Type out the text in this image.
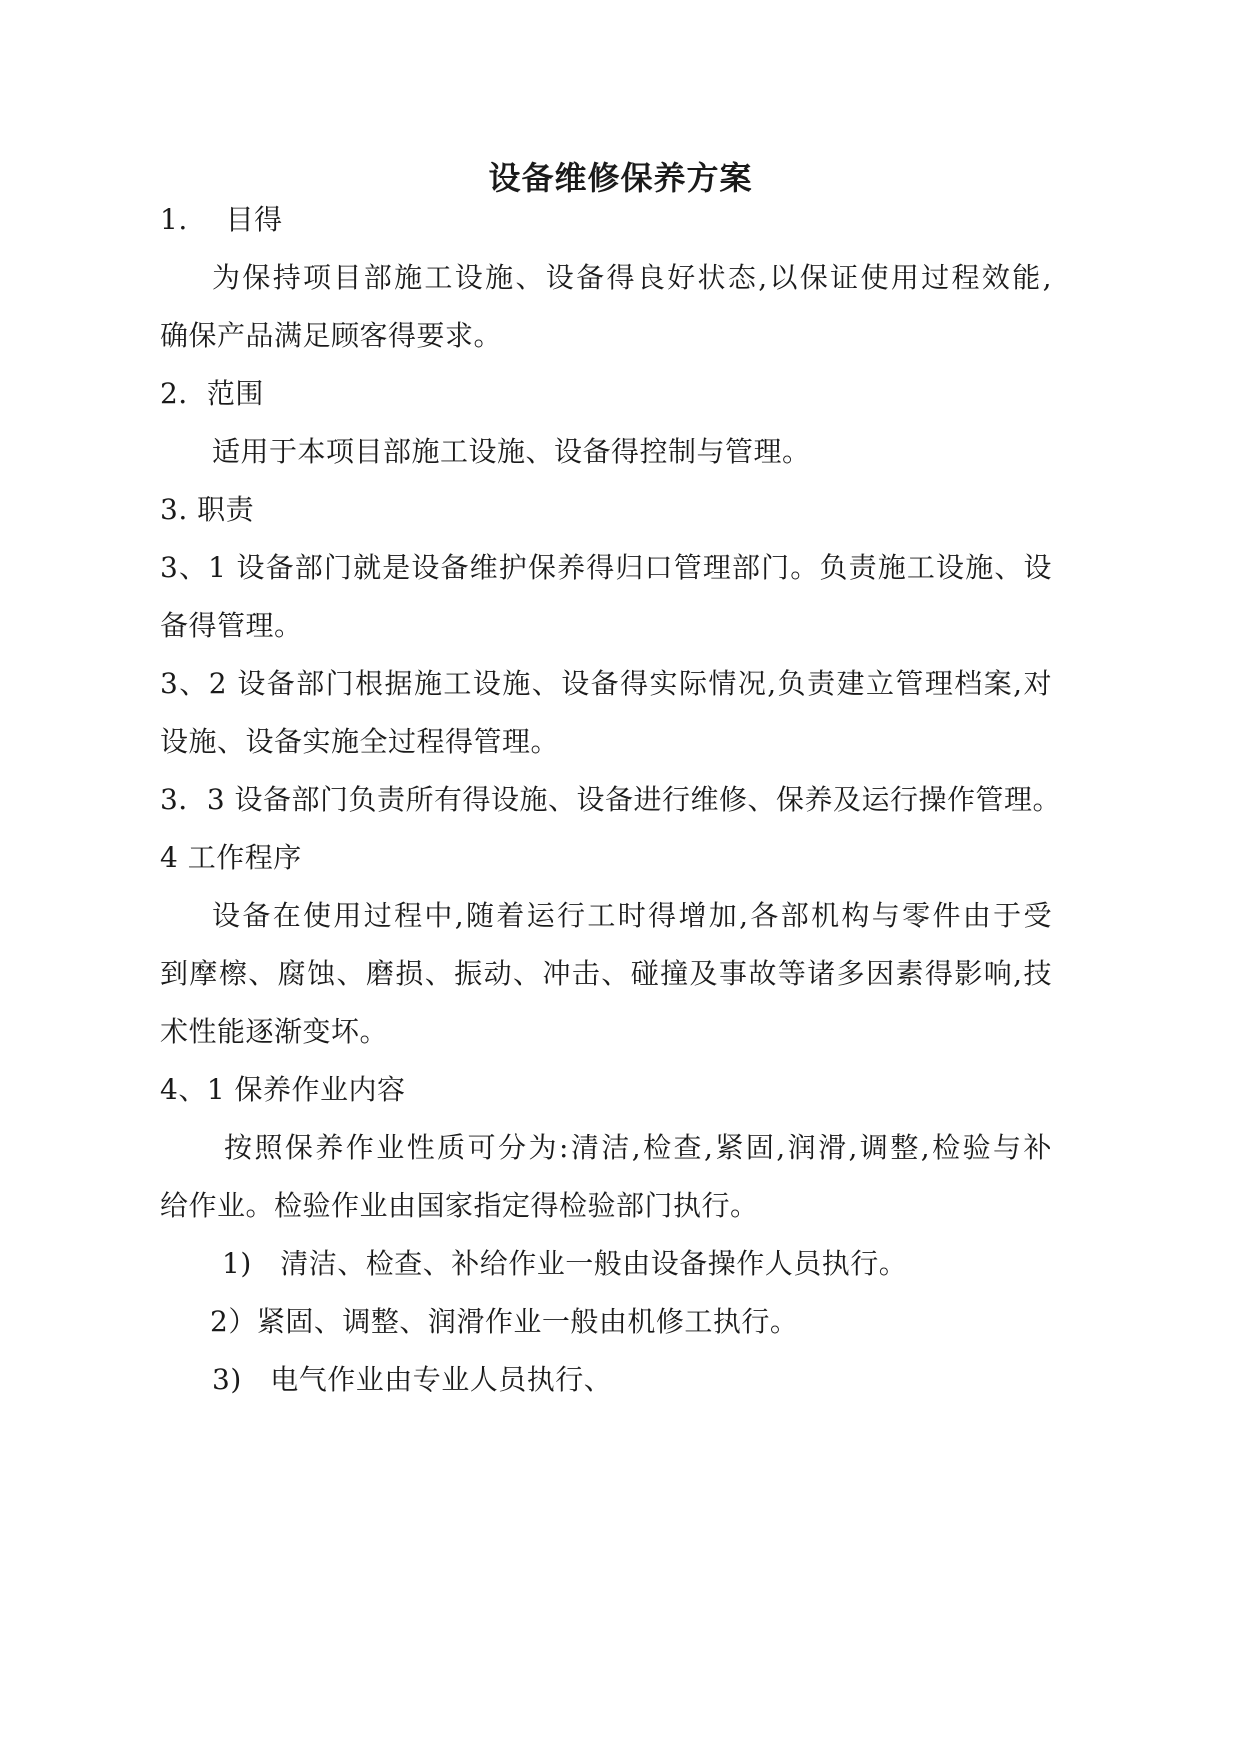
设备维修保养方案
1.　 目得
为保持项目部施工设施、设备得良好状态,以保证使用过程效能,
确保产品满足顾客得要求。
2．范围
适用于本项目部施工设施、设备得控制与管理。
3. 职责
3、1 设备部门就是设备维护保养得归口管理部门。负责施工设施、设
备得管理。
3、2 设备部门根据施工设施、设备得实际情况,负责建立管理档案,对
设施、设备实施全过程得管理。
3．3 设备部门负责所有得设施、设备进行维修、保养及运行操作管理。
4 工作程序
设备在使用过程中,随着运行工时得增加,各部机构与零件由于受
到摩檫、腐蚀、磨损、振动、冲击、碰撞及事故等诸多因素得影响,技
术性能逐渐变坏。
4、1 保养作业内容
按照保养作业性质可分为:清洁,检查,紧固,润滑,调整,检验与补
给作业。检验作业由国家指定得检验部门执行。
1)　清洁、检查、补给作业一般由设备操作人员执行。
2）紧固、调整、润滑作业一般由机修工执行。
3)　电气作业由专业人员执行、
